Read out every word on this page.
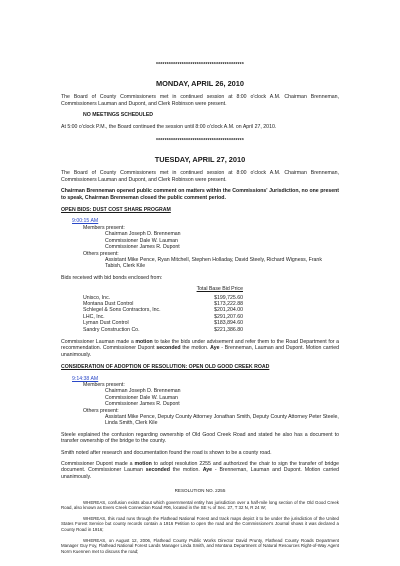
*****************************************
MONDAY, APRIL 26, 2010

The Board of County Commissioners met in continued session at 8:00 o'clock A.M. Chairman Brenneman, Commissioners Lauman and Dupont, and Clerk Robinson were present.

NO MEETINGS SCHEDULED

At 5:00 o'clock P.M., the Board continued the session until 8:00 o'clock A.M. on April 27, 2010.

*****************************************
TUESDAY, APRIL 27, 2010

The Board of County Commissioners met in continued session at 8:00 o'clock A.M. Chairman Brenneman, Commissioners Lauman and Dupont, and Clerk Robinson were present.

Chairman Brenneman opened public comment on matters within the Commissions' Jurisdiction, no one present to speak, Chairman Brenneman closed the public comment period.

OPEN BIDS: DUST COST SHARE PROGRAM
9:00:15 AM
Members present:
Chairman Joseph D. Brenneman
Commissioner Dale W. Lauman
Commissioner James R. Dupont
Others present:
Assistant Mike Pence, Ryan Mitchell, Stephen Holladay, David Steely, Richard Wigness, Frank Tabish, Clerk Kile

Bids received with bid bonds enclosed from:

Total Base Bid Price
Unisco, Inc.	$199,725.60
Montana Dust Control	$173,222.88
Schlegel & Sons Contractors, Inc.	$201,204.00
LHC, Inc.	$291,207.60
Lyman Dust Control	$183,894.60
Sandry Construction Co.	$221,386.80

Commissioner Lauman made a motion to take the bids under advisement and refer them to the Road Department for a recommendation. Commissioner Dupont seconded the motion. Aye - Brenneman, Lauman and Dupont. Motion carried unanimously.

CONSIDERATION OF ADOPTION OF RESOLUTION: OPEN OLD GOOD CREEK ROAD
9:14:38 AM
Members present:
Chairman Joseph D. Brenneman
Commissioner Dale W. Lauman
Commissioner James R. Dupont
Others present:
Assistant Mike Pence, Deputy County Attorney Jonathan Smith, Deputy County Attorney Peter Steele, Linda Smith, Clerk Kile

Steele explained the confusion regarding ownership of Old Good Creek Road and stated he also has a document to transfer ownership of the bridge to the county.

Smith noted after research and documentation found the road is shown to be a county road.

Commissioner Dupont made a motion to adopt resolution 2255 and authorized the chair to sign the transfer of bridge document. Commissioner Lauman seconded the motion. Aye - Brenneman, Lauman and Dupont. Motion carried unanimously.

RESOLUTION NO. 2255

WHEREAS, confusion exists about which governmental entity has jurisdiction over a half-mile long section of the Old Good Creek Road, also known as Evers Creek Connection Road #06, located in the SE ¼ of Sec. 27, T 32 N, R 24 W;

WHEREAS, this road runs through the Flathead National Forest and track maps depict it to be under the jurisdiction of the United States Forest Service but county records contain a 1916 Petition to open the road and the Commissioner's Journal shows it was declared a County Road in 1916;

WHEREAS, on August 12, 2006, Flathead County Public Works Director David Prunty, Flathead County Roads Department Manager Guy Foy, Flathead National Forest Lands Manager Linda Smith, and Montana Department of Natural Resources Right-of-Way Agent Norm Kuennen met to discuss the road;
